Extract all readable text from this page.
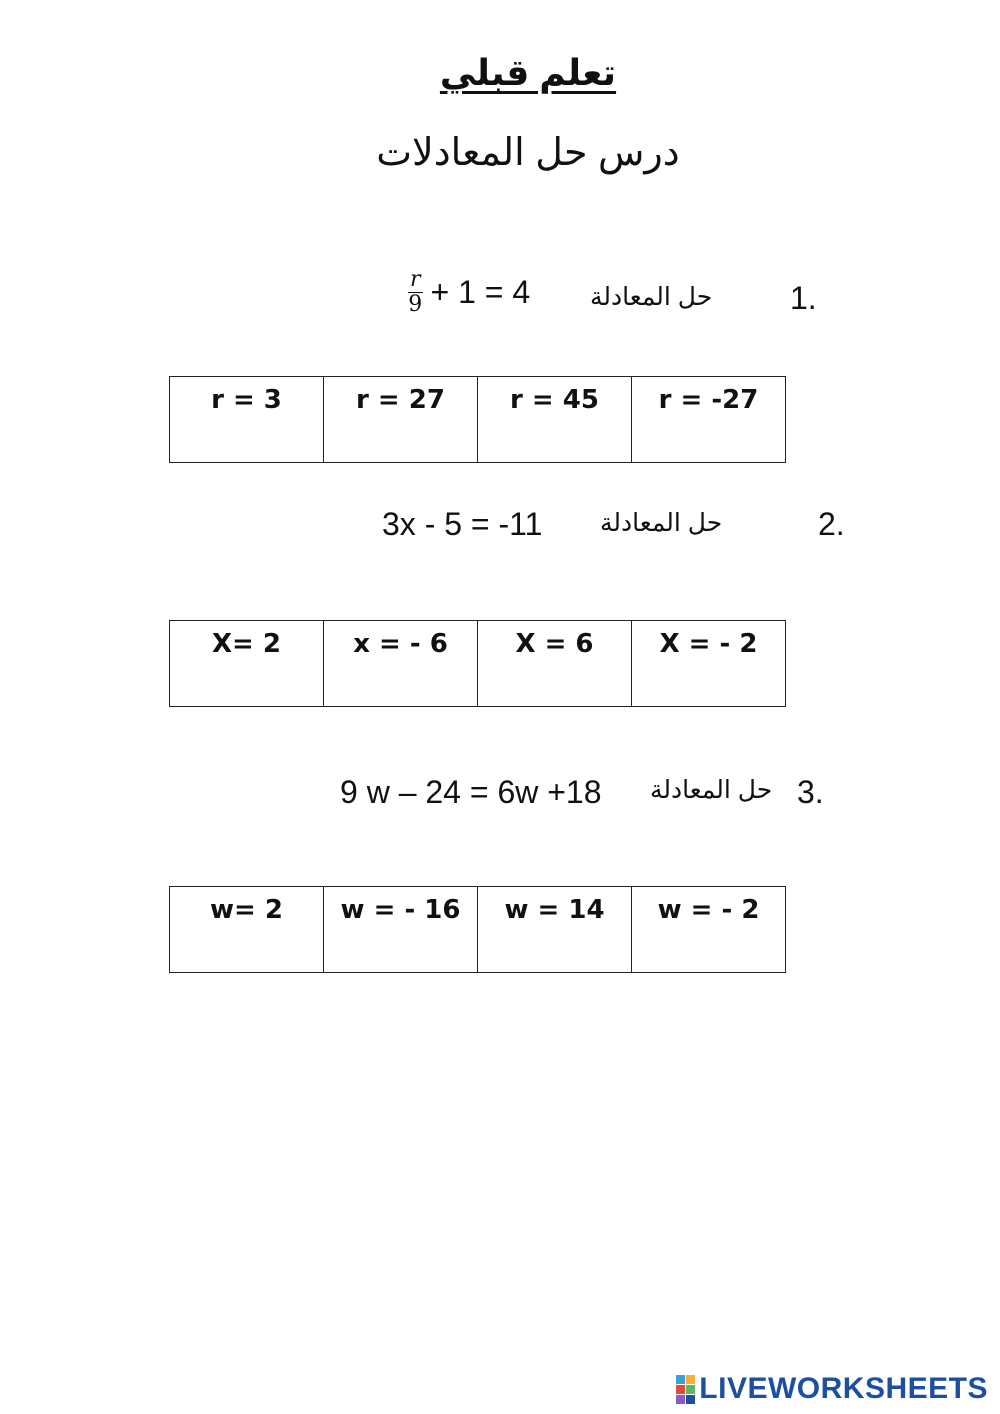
تعلم قبلي
درس حل المعادلات
1.
حل المعادلة
$\frac{r}{9} + 1 = 4$
r = 3	r = 27	r = 45	r = -27
2.
حل المعادلة
3x - 5 = -11
X= 2	x = - 6	X = 6	X = - 2
3.
حل المعادلة
9 w – 24 = 6w +18
w= 2	w = - 16	w = 14	w = - 2
LIVEWORKSHEETS
